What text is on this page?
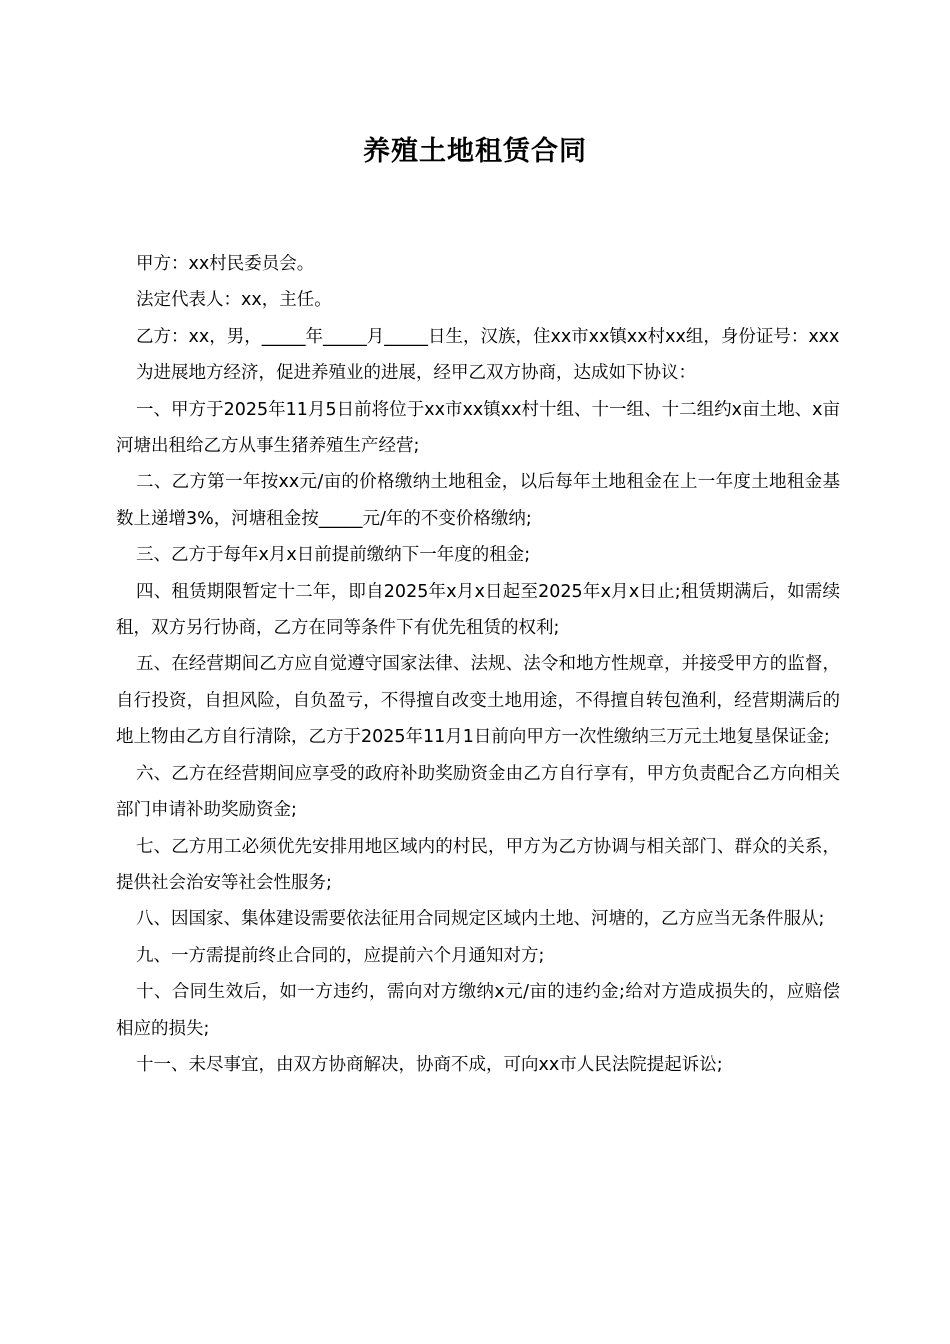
养殖土地租赁合同

甲方：xx村民委员会。

法定代表人：xx，主任。

乙方：xx，男，_____年_____月_____日生，汉族，住xx市xx镇xx村xx组，身份证号：xxx

为进展地方经济，促进养殖业的进展，经甲乙双方协商，达成如下协议：

一、甲方于2025年11月5日前将位于xx市xx镇xx村十组、十一组、十二组约x亩土地、x亩河塘出租给乙方从事生猪养殖生产经营;

二、乙方第一年按xx元/亩的价格缴纳土地租金，以后每年土地租金在上一年度土地租金基数上递增3%，河塘租金按_____元/年的不变价格缴纳;

三、乙方于每年x月x日前提前缴纳下一年度的租金;

四、租赁期限暂定十二年，即自2025年x月x日起至2025年x月x日止;租赁期满后，如需续租，双方另行协商，乙方在同等条件下有优先租赁的权利;

五、在经营期间乙方应自觉遵守国家法律、法规、法令和地方性规章，并接受甲方的监督，自行投资，自担风险，自负盈亏，不得擅自改变土地用途，不得擅自转包渔利，经营期满后的地上物由乙方自行清除，乙方于2025年11月1日前向甲方一次性缴纳三万元土地复垦保证金;

六、乙方在经营期间应享受的政府补助奖励资金由乙方自行享有，甲方负责配合乙方向相关部门申请补助奖励资金;

七、乙方用工必须优先安排用地区域内的村民，甲方为乙方协调与相关部门、群众的关系，提供社会治安等社会性服务;

八、因国家、集体建设需要依法征用合同规定区域内土地、河塘的，乙方应当无条件服从;

九、一方需提前终止合同的，应提前六个月通知对方;

十、合同生效后，如一方违约，需向对方缴纳x元/亩的违约金;给对方造成损失的，应赔偿相应的损失;

十一、未尽事宜，由双方协商解决，协商不成，可向xx市人民法院提起诉讼;
